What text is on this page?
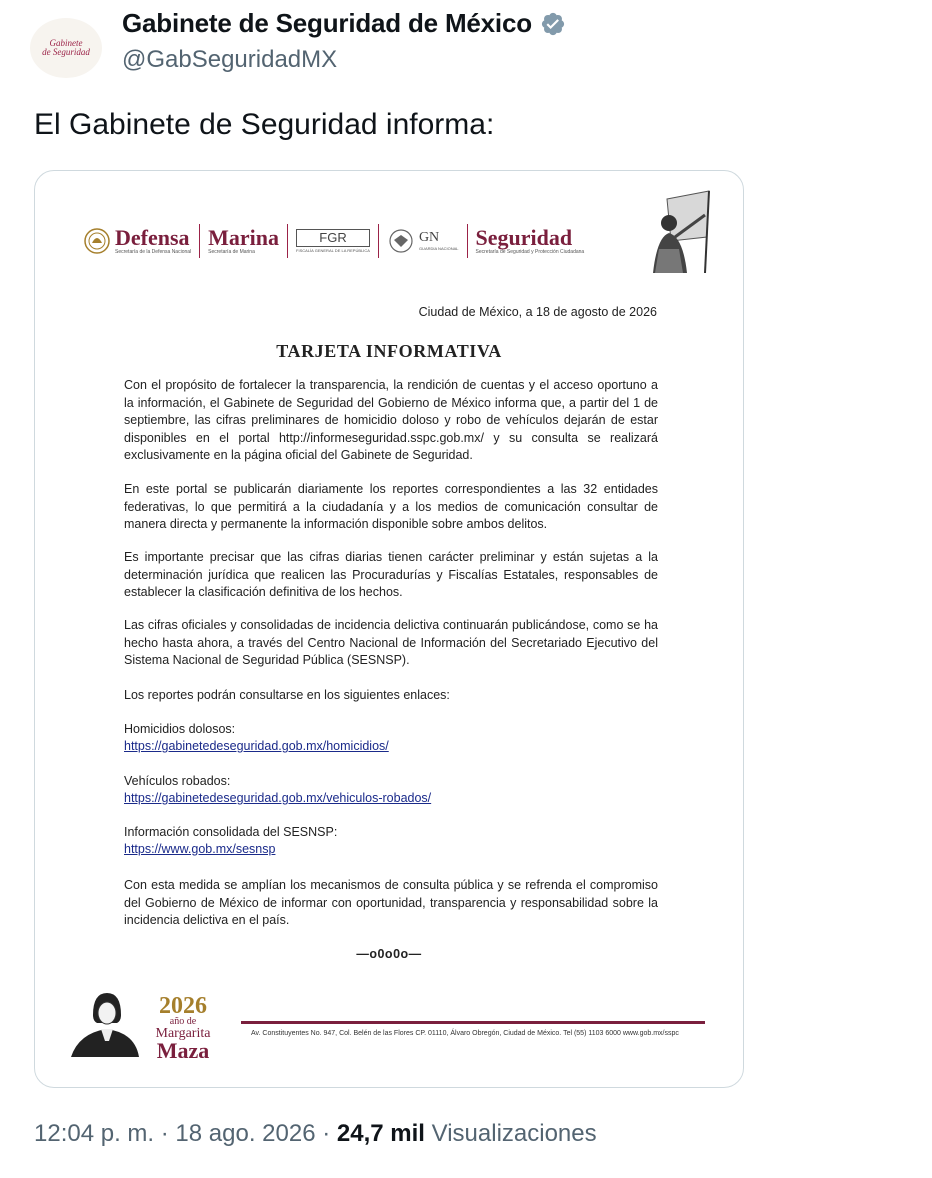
Gabinete
de Seguridad
Gabinete de Seguridad de México
@GabSeguridadMX
El Gabinete de Seguridad informa:
Defensa
Secretaría de la Defensa Nacional
Marina
Secretaría de Marina
FGR
FISCALÍA GENERAL DE LA REPÚBLICA
GN
GUARDIA NACIONAL Seguridad
Secretaría de Seguridad y Protección Ciudadana
Ciudad de México, a 18 de agosto de 2026
TARJETA INFORMATIVA
Con el propósito de fortalecer la transparencia, la rendición de cuentas y el acceso oportuno a la información, el Gabinete de Seguridad del Gobierno de México informa que, a partir del 1 de septiembre, las cifras preliminares de homicidio doloso y robo de vehículos dejarán de estar disponibles en el portal http://informeseguridad.sspc.gob.mx/ y su consulta se realizará exclusivamente en la página oficial del Gabinete de Seguridad.
En este portal se publicarán diariamente los reportes correspondientes a las 32 entidades federativas, lo que permitirá a la ciudadanía y a los medios de comunicación consultar de manera directa y permanente la información disponible sobre ambos delitos.
Es importante precisar que las cifras diarias tienen carácter preliminar y están sujetas a la determinación jurídica que realicen las Procuradurías y Fiscalías Estatales, responsables de establecer la clasificación definitiva de los hechos.
Las cifras oficiales y consolidadas de incidencia delictiva continuarán publicándose, como se ha hecho hasta ahora, a través del Centro Nacional de Información del Secretariado Ejecutivo del Sistema Nacional de Seguridad Pública (SESNSP).
Los reportes podrán consultarse en los siguientes enlaces:
Homicidios dolosos:
https://gabinetedeseguridad.gob.mx/homicidios/
Vehículos robados:
https://gabinetedeseguridad.gob.mx/vehiculos-robados/
Información consolidada del SESNSP:
https://www.gob.mx/sesnsp
Con esta medida se amplían los mecanismos de consulta pública y se refrenda el compromiso del Gobierno de México de informar con oportunidad, transparencia y responsabilidad sobre la incidencia delictiva en el país.
—o0o0o—
2026
año de
Margarita
Maza
Av. Constituyentes No. 947, Col. Belén de las Flores CP. 01110, Álvaro Obregón, Ciudad de México. Tel (55) 1103 6000 www.gob.mx/sspc
12:04 p. m. · 18 ago. 2026 · 24,7 mil Visualizaciones
